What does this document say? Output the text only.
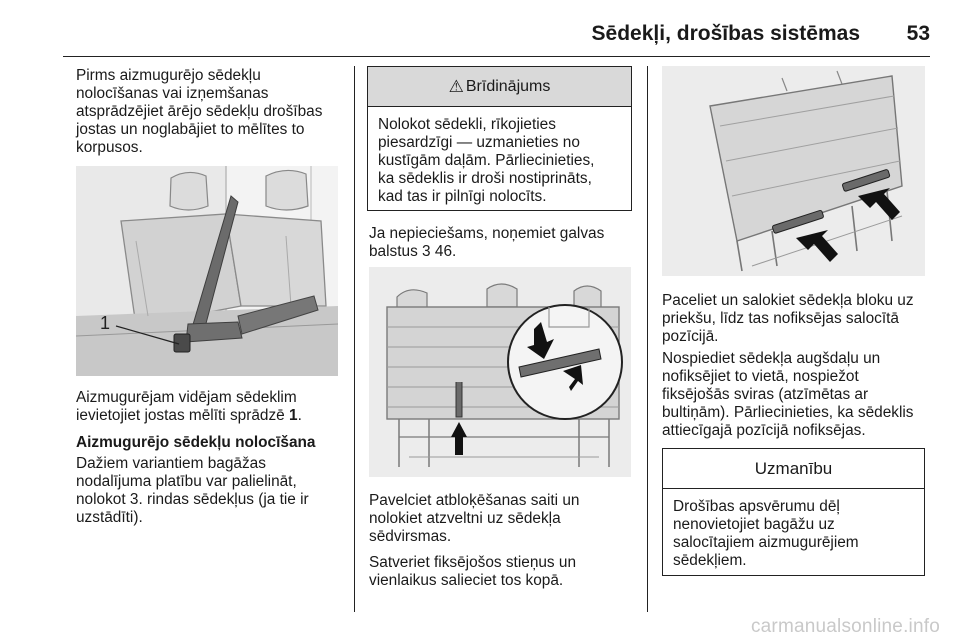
Sēdekļi, drošības sistēmas	53
Pirms aizmugurējo sēdekļu
nolocīšanas vai izņemšanas
atsprādzējiet ārējo sēdekļu drošības
jostas un noglabājiet to mēlītes to
korpusos.
1
Aizmugurējam vidējam sēdeklim
ievietojiet jostas mēlīti sprādzē 1.
Aizmugurējo sēdekļu nolocīšana
Dažiem variantiem bagāžas
nodalījuma platību var palielināt,
nolokot 3. rindas sēdekļus (ja tie ir
uzstādīti).
⚠ Brīdinājums
Nolokot sēdekli, rīkojieties
piesardzīgi — uzmanieties no
kustīgām daļām. Pārliecinieties,
ka sēdeklis ir droši nostiprināts,
kad tas ir pilnīgi nolocīts.
Ja nepieciešams, noņemiet galvas
balstus 3 46.
Pavelciet atbloķēšanas saiti un
nolokiet atzveltni uz sēdekļa
sēdvirsmas.
Satveriet fiksējošos stieņus un
vienlaikus salieciet tos kopā.
Paceliet un salokiet sēdekļa bloku uz
priekšu, līdz tas nofiksējas salocītā
pozīcijā.
Nospiediet sēdekļa augšdaļu un
nofiksējiet to vietā, nospiežot
fiksējošās sviras (atzīmētas ar
bultiņām). Pārliecinieties, ka sēdeklis
attiecīgajā pozīcijā nofiksējas.
Uzmanību
Drošības apsvērumu dēļ
nenovietojiet bagāžu uz
salocītajiem aizmugurējiem
sēdekļiem.
carmanualsonline.info
